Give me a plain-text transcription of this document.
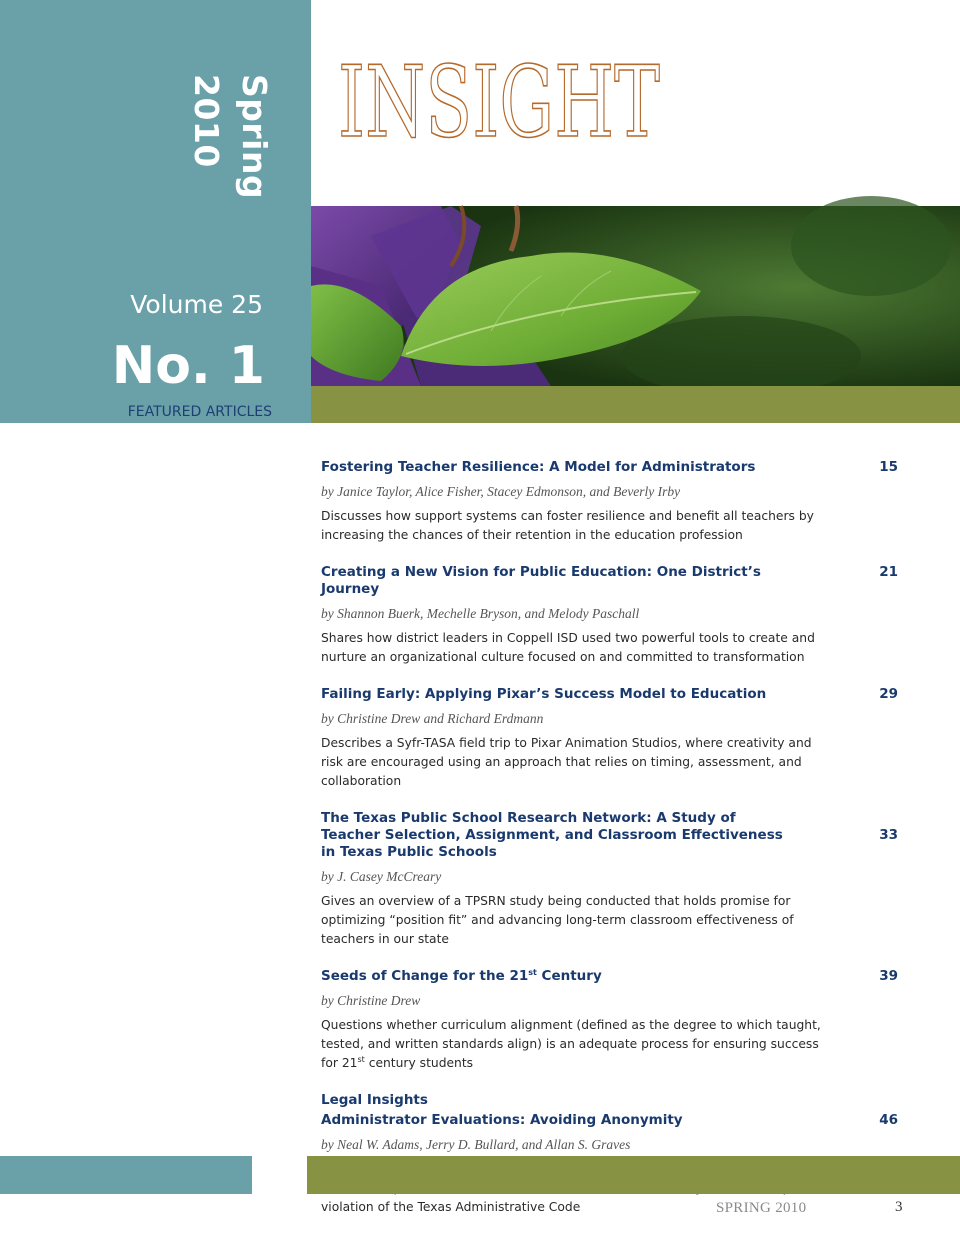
Spring 2010
Volume 25
No. 1
FEATURED ARTICLES
INSIGHT
15
Fostering Teacher Resilience: A Model for Administrators
by Janice Taylor, Alice Fisher, Stacey Edmonson, and Beverly Irby
Discusses how support systems can foster resilience and benefit all teachers by increasing the chances of their retention in the education profession
21
Creating a New Vision for Public Education: One District’s Journey
by Shannon Buerk, Mechelle Bryson, and Melody Paschall
Shares how district leaders in Coppell ISD used two powerful tools to create and nurture an organizational culture focused on and committed to transformation
29
Failing Early: Applying Pixar’s Success Model to Education
by Christine Drew and Richard Erdmann
Describes a Syfr-TASA field trip to Pixar Animation Studios, where creativity and risk are encouraged using an approach that relies on timing, assessment, and collaboration
33
The Texas Public School Research Network: A Study of Teacher Selection, Assignment, and Classroom Effectiveness in Texas Public Schools
by J. Casey McCreary
Gives an overview of a TPSRN study being conducted that holds promise for optimizing “position fit” and advancing long-term classroom effectiveness of teachers in our state
39
Seeds of Change for the 21st Century
by Christine Drew
Questions whether curriculum alignment (defined as the degree to which taught, tested, and written standards align) is an adequate process for ensuring success for 21st century students
Legal Insights
46
Administrator Evaluations: Avoiding Anonymity
by Neal W. Adams, Jerry D. Bullard, and Allan S. Graves
violation of the Texas Administrative Code	SPRING 2010	3
